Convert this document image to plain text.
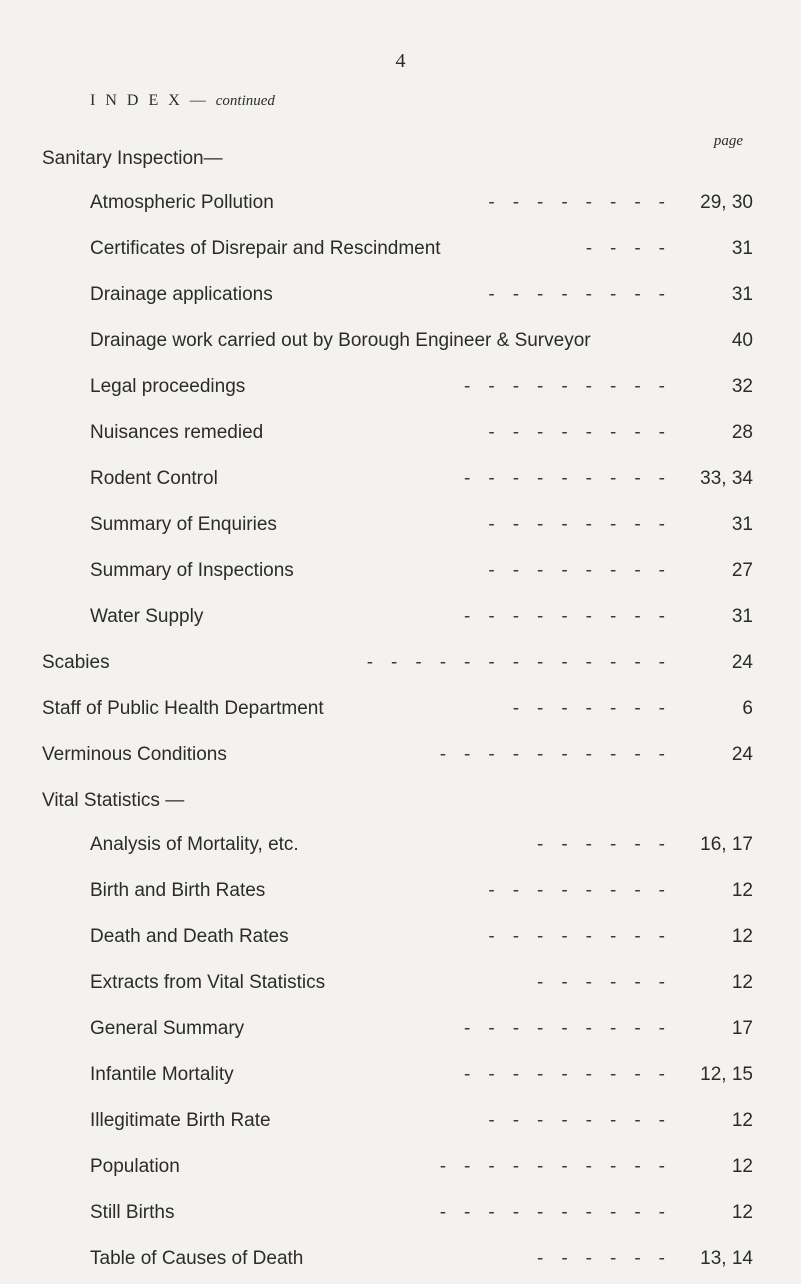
4
I N D E X — continued
page
Sanitary Inspection—
Atmospheric Pollution	-------- 29, 30
Certificates of Disrepair and Rescindment	----	31
Drainage applications	--------	31
Drainage work carried out by Borough Engineer & Surveyor	40
Legal proceedings	---------	32
Nuisances remedied	--------	28
Rodent Control	--------- 33, 34
Summary of Enquiries	--------	31
Summary of Inspections	--------	27
Water Supply	---------	31
Scabies	-------------	24
Staff of Public Health Department	-------	6
Verminous Conditions	----------	24
Vital Statistics —
Analysis of Mortality, etc.	------ 16, 17
Birth and Birth Rates	--------	12
Death and Death Rates	--------	12
Extracts from Vital Statistics	------	12
General Summary	---------	17
Infantile Mortality	--------- 12, 15
Illegitimate Birth Rate	--------	12
Population	----------	12
Still Births	----------	12
Table of Causes of Death	------ 13, 14
